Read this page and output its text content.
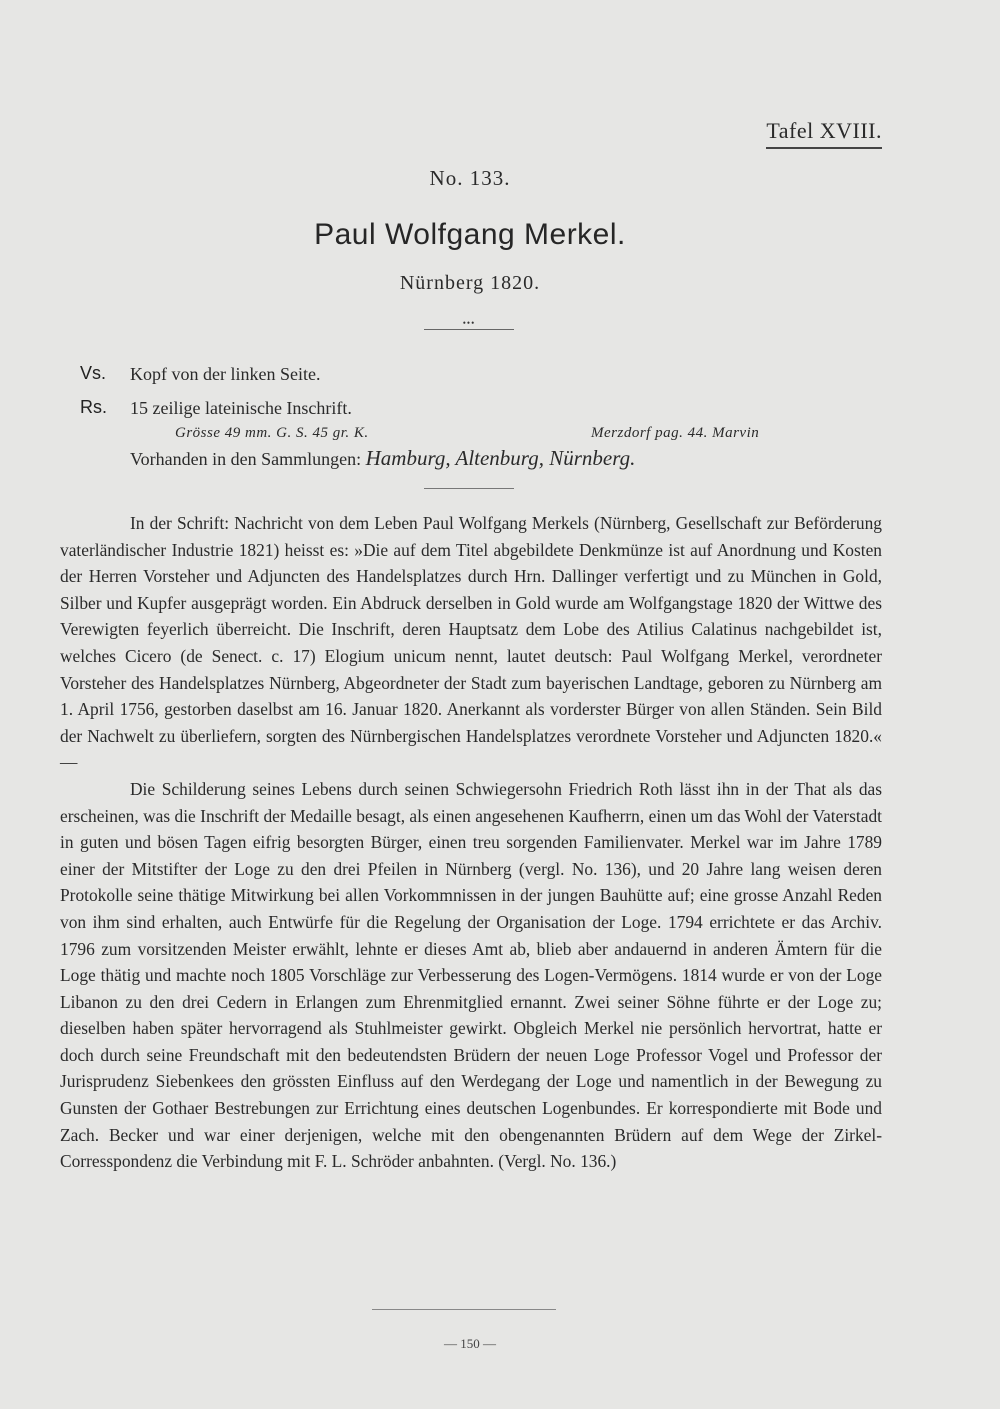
Tafel XVIII.
No. 133.
Paul Wolfgang Merkel.
Nürnberg 1820.
•••
Vs. Kopf von der linken Seite.
Rs. 15 zeilige lateinische Inschrift.
Grösse 49 mm. G. S. 45 gr. K.	Merzdorf pag. 44. Marvin
Vorhanden in den Sammlungen: Hamburg, Altenburg, Nürnberg.

In der Schrift: Nachricht von dem Leben Paul Wolfgang Merkels (Nürnberg, Gesellschaft zur Beförderung vaterländischer Industrie 1821) heisst es: »Die auf dem Titel abgebildete Denkmünze ist auf Anordnung und Kosten der Herren Vorsteher und Adjuncten des Handelsplatzes durch Hrn. Dallinger verfertigt und zu München in Gold, Silber und Kupfer ausgeprägt worden. Ein Abdruck derselben in Gold wurde am Wolfgangstage 1820 der Wittwe des Verewigten feyerlich überreicht. Die Inschrift, deren Hauptsatz dem Lobe des Atilius Calatinus nachgebildet ist, welches Cicero (de Senect. c. 17) Elogium unicum nennt, lautet deutsch: Paul Wolfgang Merkel, verordneter Vorsteher des Handelsplatzes Nürnberg, Abgeordneter der Stadt zum bayerischen Landtage, geboren zu Nürnberg am 1. April 1756, gestorben daselbst am 16. Januar 1820. Anerkannt als vorderster Bürger von allen Ständen. Sein Bild der Nachwelt zu überliefern, sorgten des Nürnbergischen Handelsplatzes verordnete Vorsteher und Adjuncten 1820.« —

Die Schilderung seines Lebens durch seinen Schwiegersohn Friedrich Roth lässt ihn in der That als das erscheinen, was die Inschrift der Medaille besagt, als einen angesehenen Kaufherrn, einen um das Wohl der Vaterstadt in guten und bösen Tagen eifrig besorgten Bürger, einen treu sorgenden Familienvater. Merkel war im Jahre 1789 einer der Mitstifter der Loge zu den drei Pfeilen in Nürnberg (vergl. No. 136), und 20 Jahre lang weisen deren Protokolle seine thätige Mitwirkung bei allen Vorkommnissen in der jungen Bauhütte auf; eine grosse Anzahl Reden von ihm sind erhalten, auch Entwürfe für die Regelung der Organisation der Loge. 1794 errichtete er das Archiv. 1796 zum vorsitzenden Meister erwählt, lehnte er dieses Amt ab, blieb aber andauernd in anderen Ämtern für die Loge thätig und machte noch 1805 Vorschläge zur Verbesserung des Logen-Vermögens. 1814 wurde er von der Loge Libanon zu den drei Cedern in Erlangen zum Ehrenmitglied ernannt. Zwei seiner Söhne führte er der Loge zu; dieselben haben später hervorragend als Stuhlmeister gewirkt. Obgleich Merkel nie persönlich hervortrat, hatte er doch durch seine Freundschaft mit den bedeutendsten Brüdern der neuen Loge Professor Vogel und Professor der Jurisprudenz Siebenkees den grössten Einfluss auf den Werdegang der Loge und namentlich in der Bewegung zu Gunsten der Gothaer Bestrebungen zur Errichtung eines deutschen Logenbundes. Er korrespondierte mit Bode und Zach. Becker und war einer derjenigen, welche mit den obengenannten Brüdern auf dem Wege der Zirkel-Corresspondenz die Verbindung mit F. L. Schröder anbahnten. (Vergl. No. 136.)

— 150 —
